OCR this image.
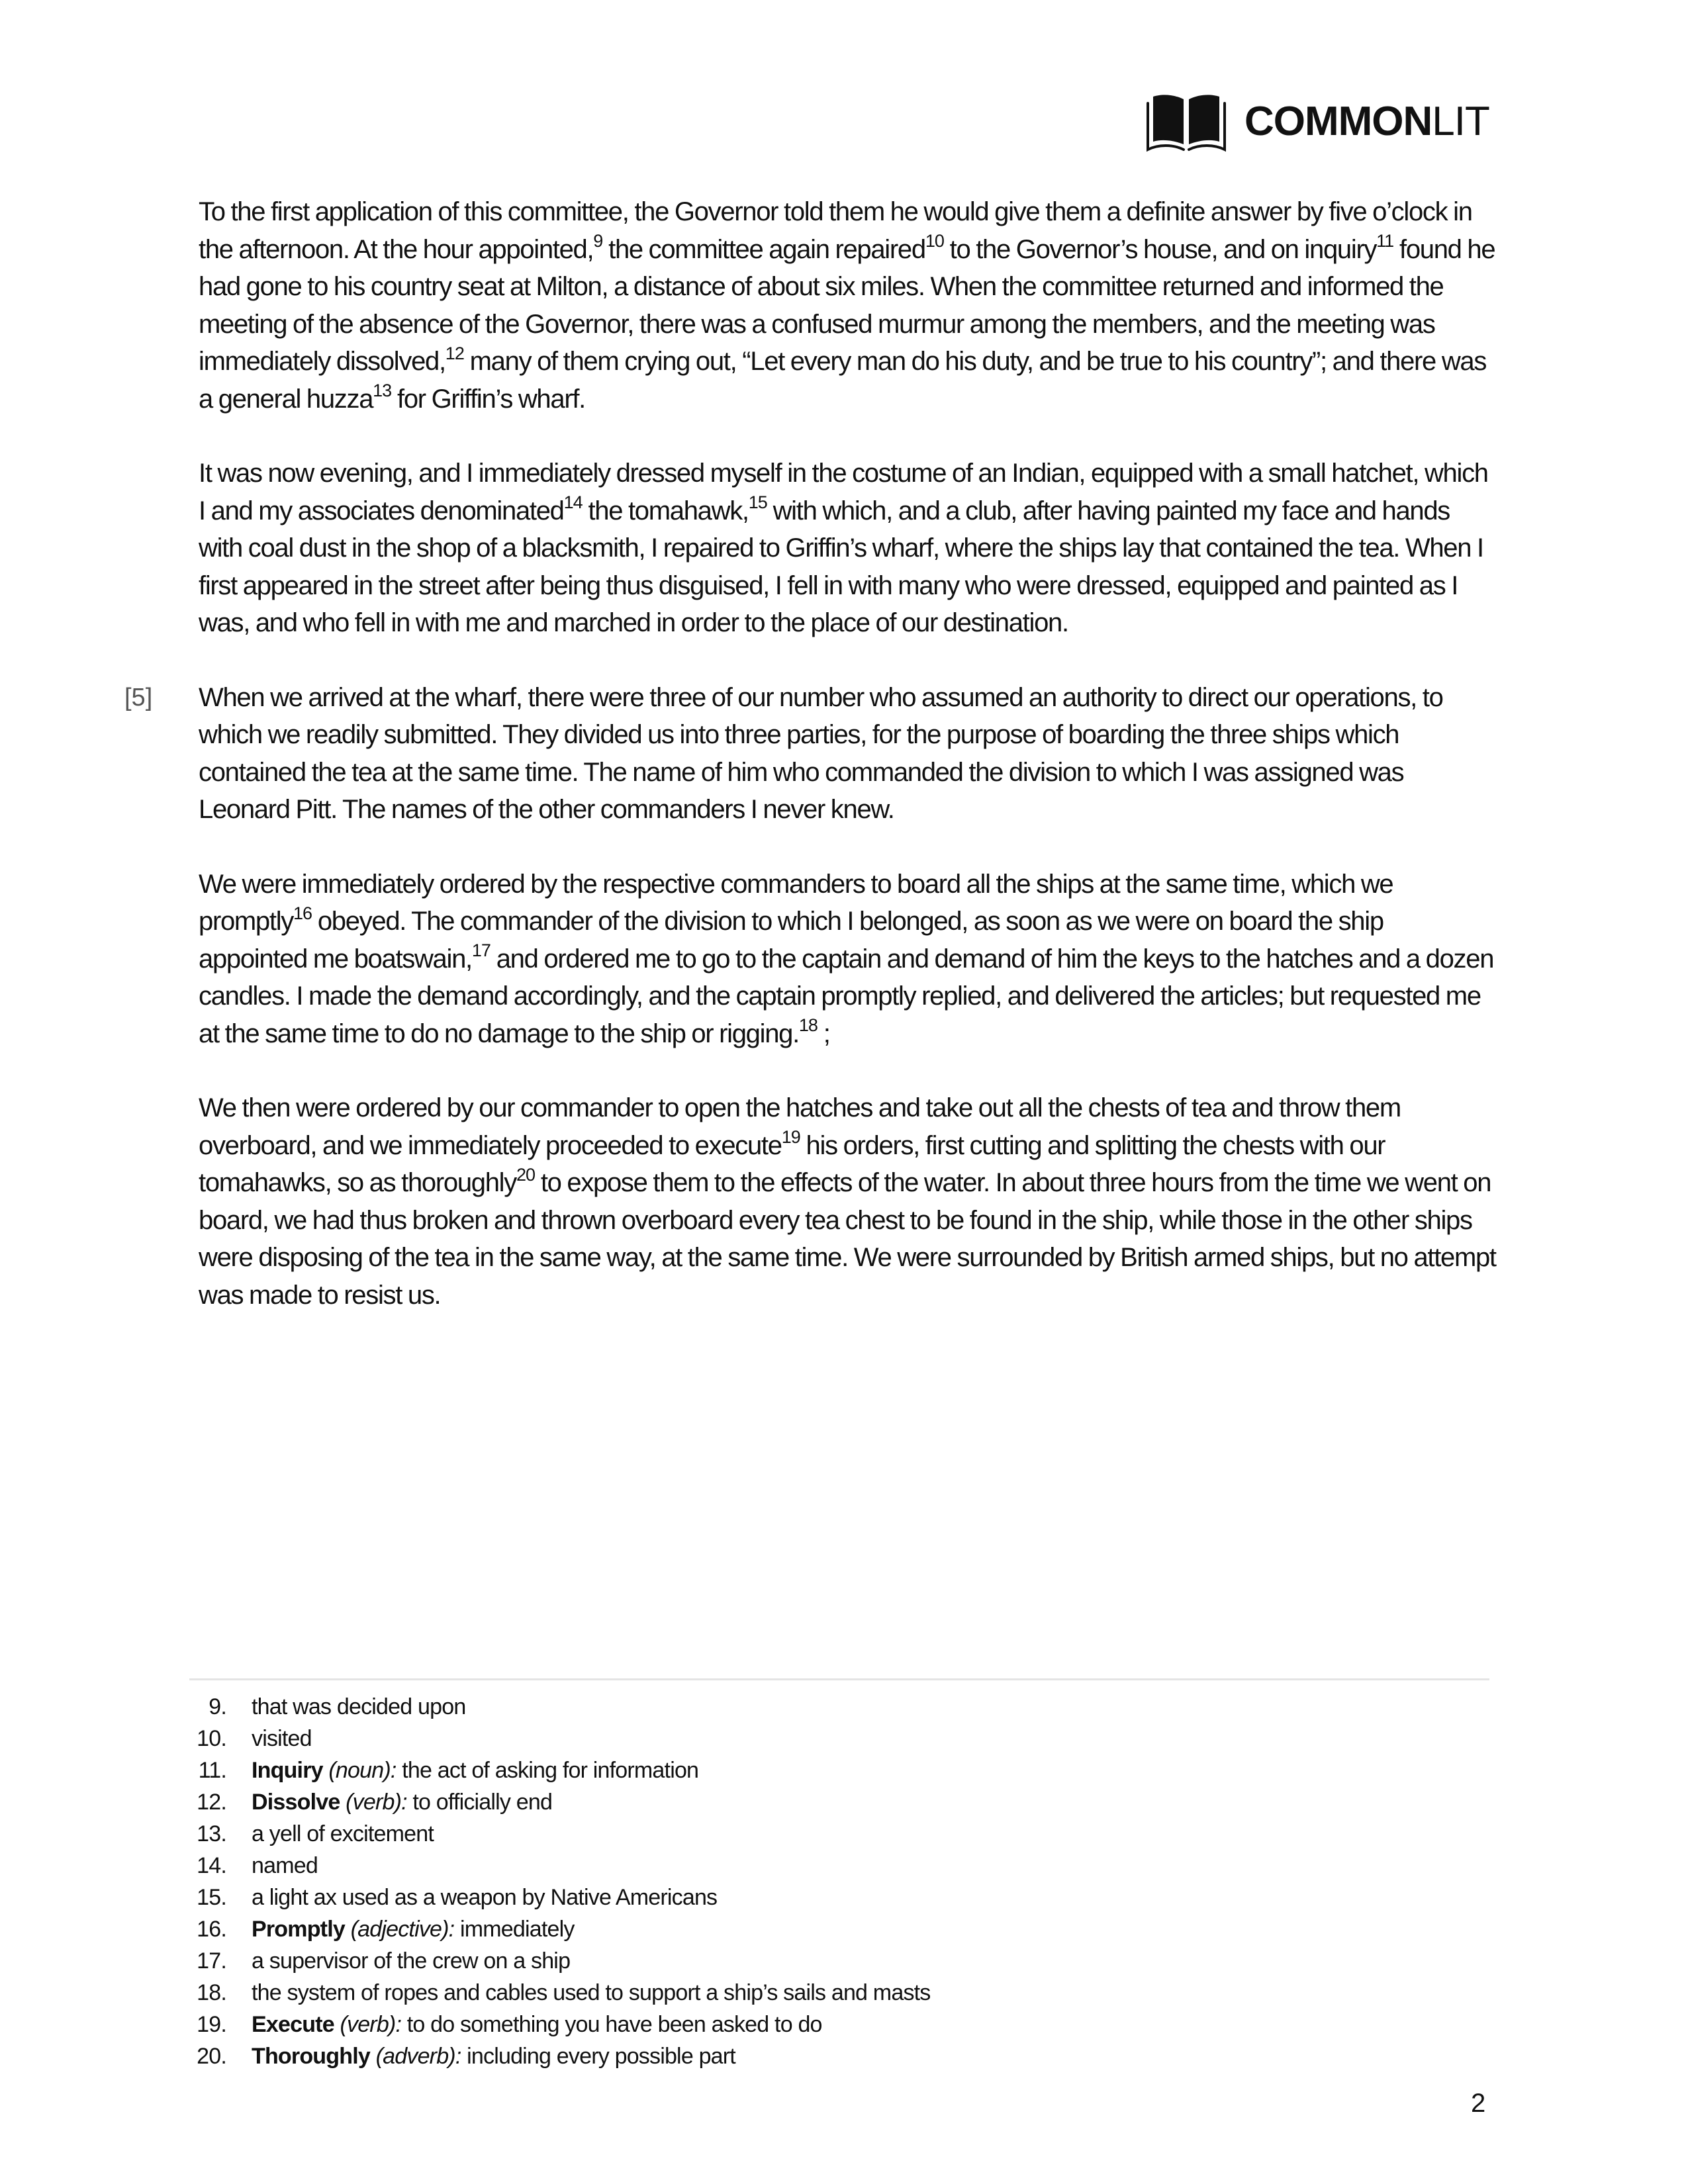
COMMONLIT

To the first application of this committee, the Governor told them he would give them a definite answer by five o’clock in the afternoon. At the hour appointed,$^9$ the committee again repaired$^{10}$ to the Governor’s house, and on inquiry$^{11}$ found he had gone to his country seat at Milton, a distance of about six miles. When the committee returned and informed the meeting of the absence of the Governor, there was a confused murmur among the members, and the meeting was immediately dissolved,$^{12}$ many of them crying out, “Let every man do his duty, and be true to his country”; and there was a general huzza$^{13}$ for Griffin’s wharf.

It was now evening, and I immediately dressed myself in the costume of an Indian, equipped with a small hatchet, which I and my associates denominated$^{14}$ the tomahawk,$^{15}$ with which, and a club, after having painted my face and hands with coal dust in the shop of a blacksmith, I repaired to Griffin’s wharf, where the ships lay that contained the tea. When I first appeared in the street after being thus disguised, I fell in with many who were dressed, equipped and painted as I was, and who fell in with me and marched in order to the place of our destination.

[5] When we arrived at the wharf, there were three of our number who assumed an authority to direct our operations, to which we readily submitted. They divided us into three parties, for the purpose of boarding the three ships which contained the tea at the same time. The name of him who commanded the division to which I was assigned was Leonard Pitt. The names of the other commanders I never knew.

We were immediately ordered by the respective commanders to board all the ships at the same time, which we promptly$^{16}$ obeyed. The commander of the division to which I belonged, as soon as we were on board the ship appointed me boatswain,$^{17}$ and ordered me to go to the captain and demand of him the keys to the hatches and a dozen candles. I made the demand accordingly, and the captain promptly replied, and delivered the articles; but requested me at the same time to do no damage to the ship or rigging.$^{18}$ ;

We then were ordered by our commander to open the hatches and take out all the chests of tea and throw them overboard, and we immediately proceeded to execute$^{19}$ his orders, first cutting and splitting the chests with our tomahawks, so as thoroughly$^{20}$ to expose them to the effects of the water. In about three hours from the time we went on board, we had thus broken and thrown overboard every tea chest to be found in the ship, while those in the other ships were disposing of the tea in the same way, at the same time. We were surrounded by British armed ships, but no attempt was made to resist us.

9. that was decided upon
10. visited
11. Inquiry (noun): the act of asking for information
12. Dissolve (verb): to officially end
13. a yell of excitement
14. named
15. a light ax used as a weapon by Native Americans
16. Promptly (adjective): immediately
17. a supervisor of the crew on a ship
18. the system of ropes and cables used to support a ship’s sails and masts
19. Execute (verb): to do something you have been asked to do
20. Thoroughly (adverb): including every possible part
2
